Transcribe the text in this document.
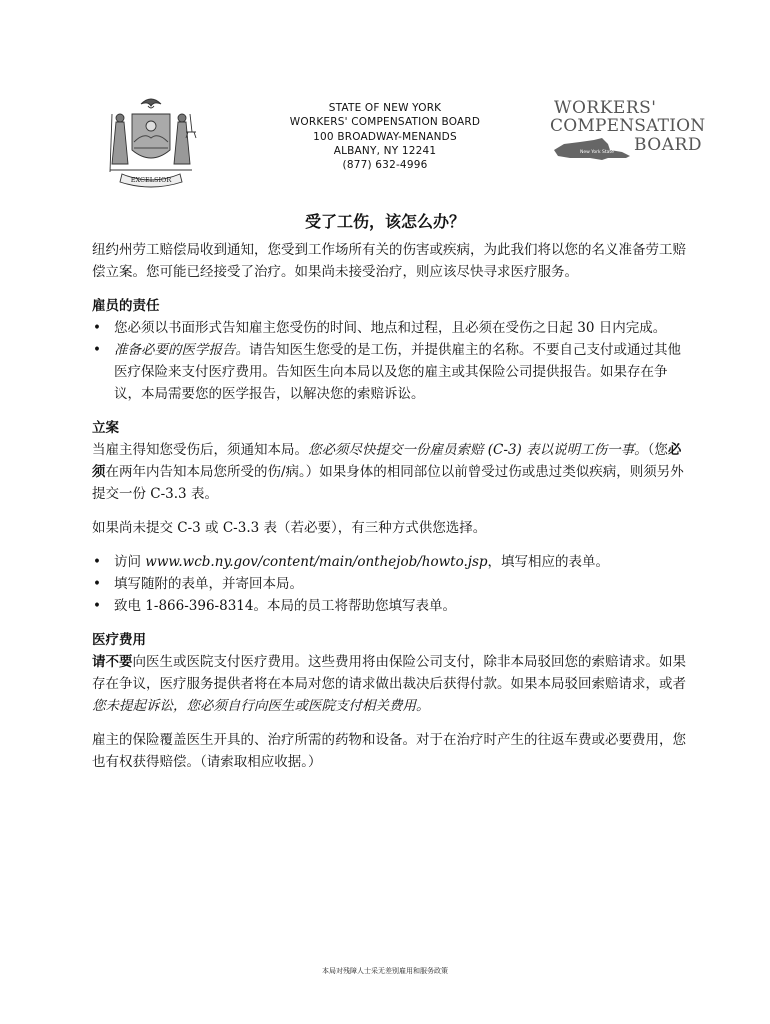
EXCELSIOR
STATE OF NEW YORK
WORKERS' COMPENSATION BOARD
100 BROADWAY-MENANDS
ALBANY, NY 12241
(877) 632-4996
WORKERS'
COMPENSATION
BOARD
New York State
受了工伤，该怎么办？

纽约州劳工赔偿局收到通知，您受到工作场所有关的伤害或疾病，为此我们将以您的名义准备劳工赔偿立案。您可能已经接受了治疗。如果尚未接受治疗，则应该尽快寻求医疗服务。

雇员的责任

• 您必须以书面形式告知雇主您受伤的时间、地点和过程，且必须在受伤之日起 30 日内完成。
• 准备必要的医学报告。请告知医生您受的是工伤，并提供雇主的名称。不要自己支付或通过其他医疗保险来支付医疗费用。告知医生向本局以及您的雇主或其保险公司提供报告。如果存在争议，本局需要您的医学报告，以解决您的索赔诉讼。

立案

当雇主得知您受伤后，须通知本局。您必须尽快提交一份雇员索赔 (C-3) 表以说明工伤一事。（您必须在两年内告知本局您所受的伤/病。）如果身体的相同部位以前曾受过伤或患过类似疾病，则须另外提交一份 C-3.3 表。

如果尚未提交 C-3 或 C-3.3 表（若必要），有三种方式供您选择。

• 访问 www.wcb.ny.gov/content/main/onthejob/howto.jsp，填写相应的表单。
• 填写随附的表单，并寄回本局。
• 致电 1-866-396-8314。本局的员工将帮助您填写表单。

医疗费用

请不要向医生或医院支付医疗费用。这些费用将由保险公司支付，除非本局驳回您的索赔请求。如果存在争议，医疗服务提供者将在本局对您的请求做出裁决后获得付款。如果本局驳回索赔请求，或者您未提起诉讼，您必须自行向医生或医院支付相关费用。

雇主的保险覆盖医生开具的、治疗所需的药物和设备。对于在治疗时产生的往返车费或必要费用，您也有权获得赔偿。（请索取相应收据。）

本局对残障人士采无差别雇用和服务政策
